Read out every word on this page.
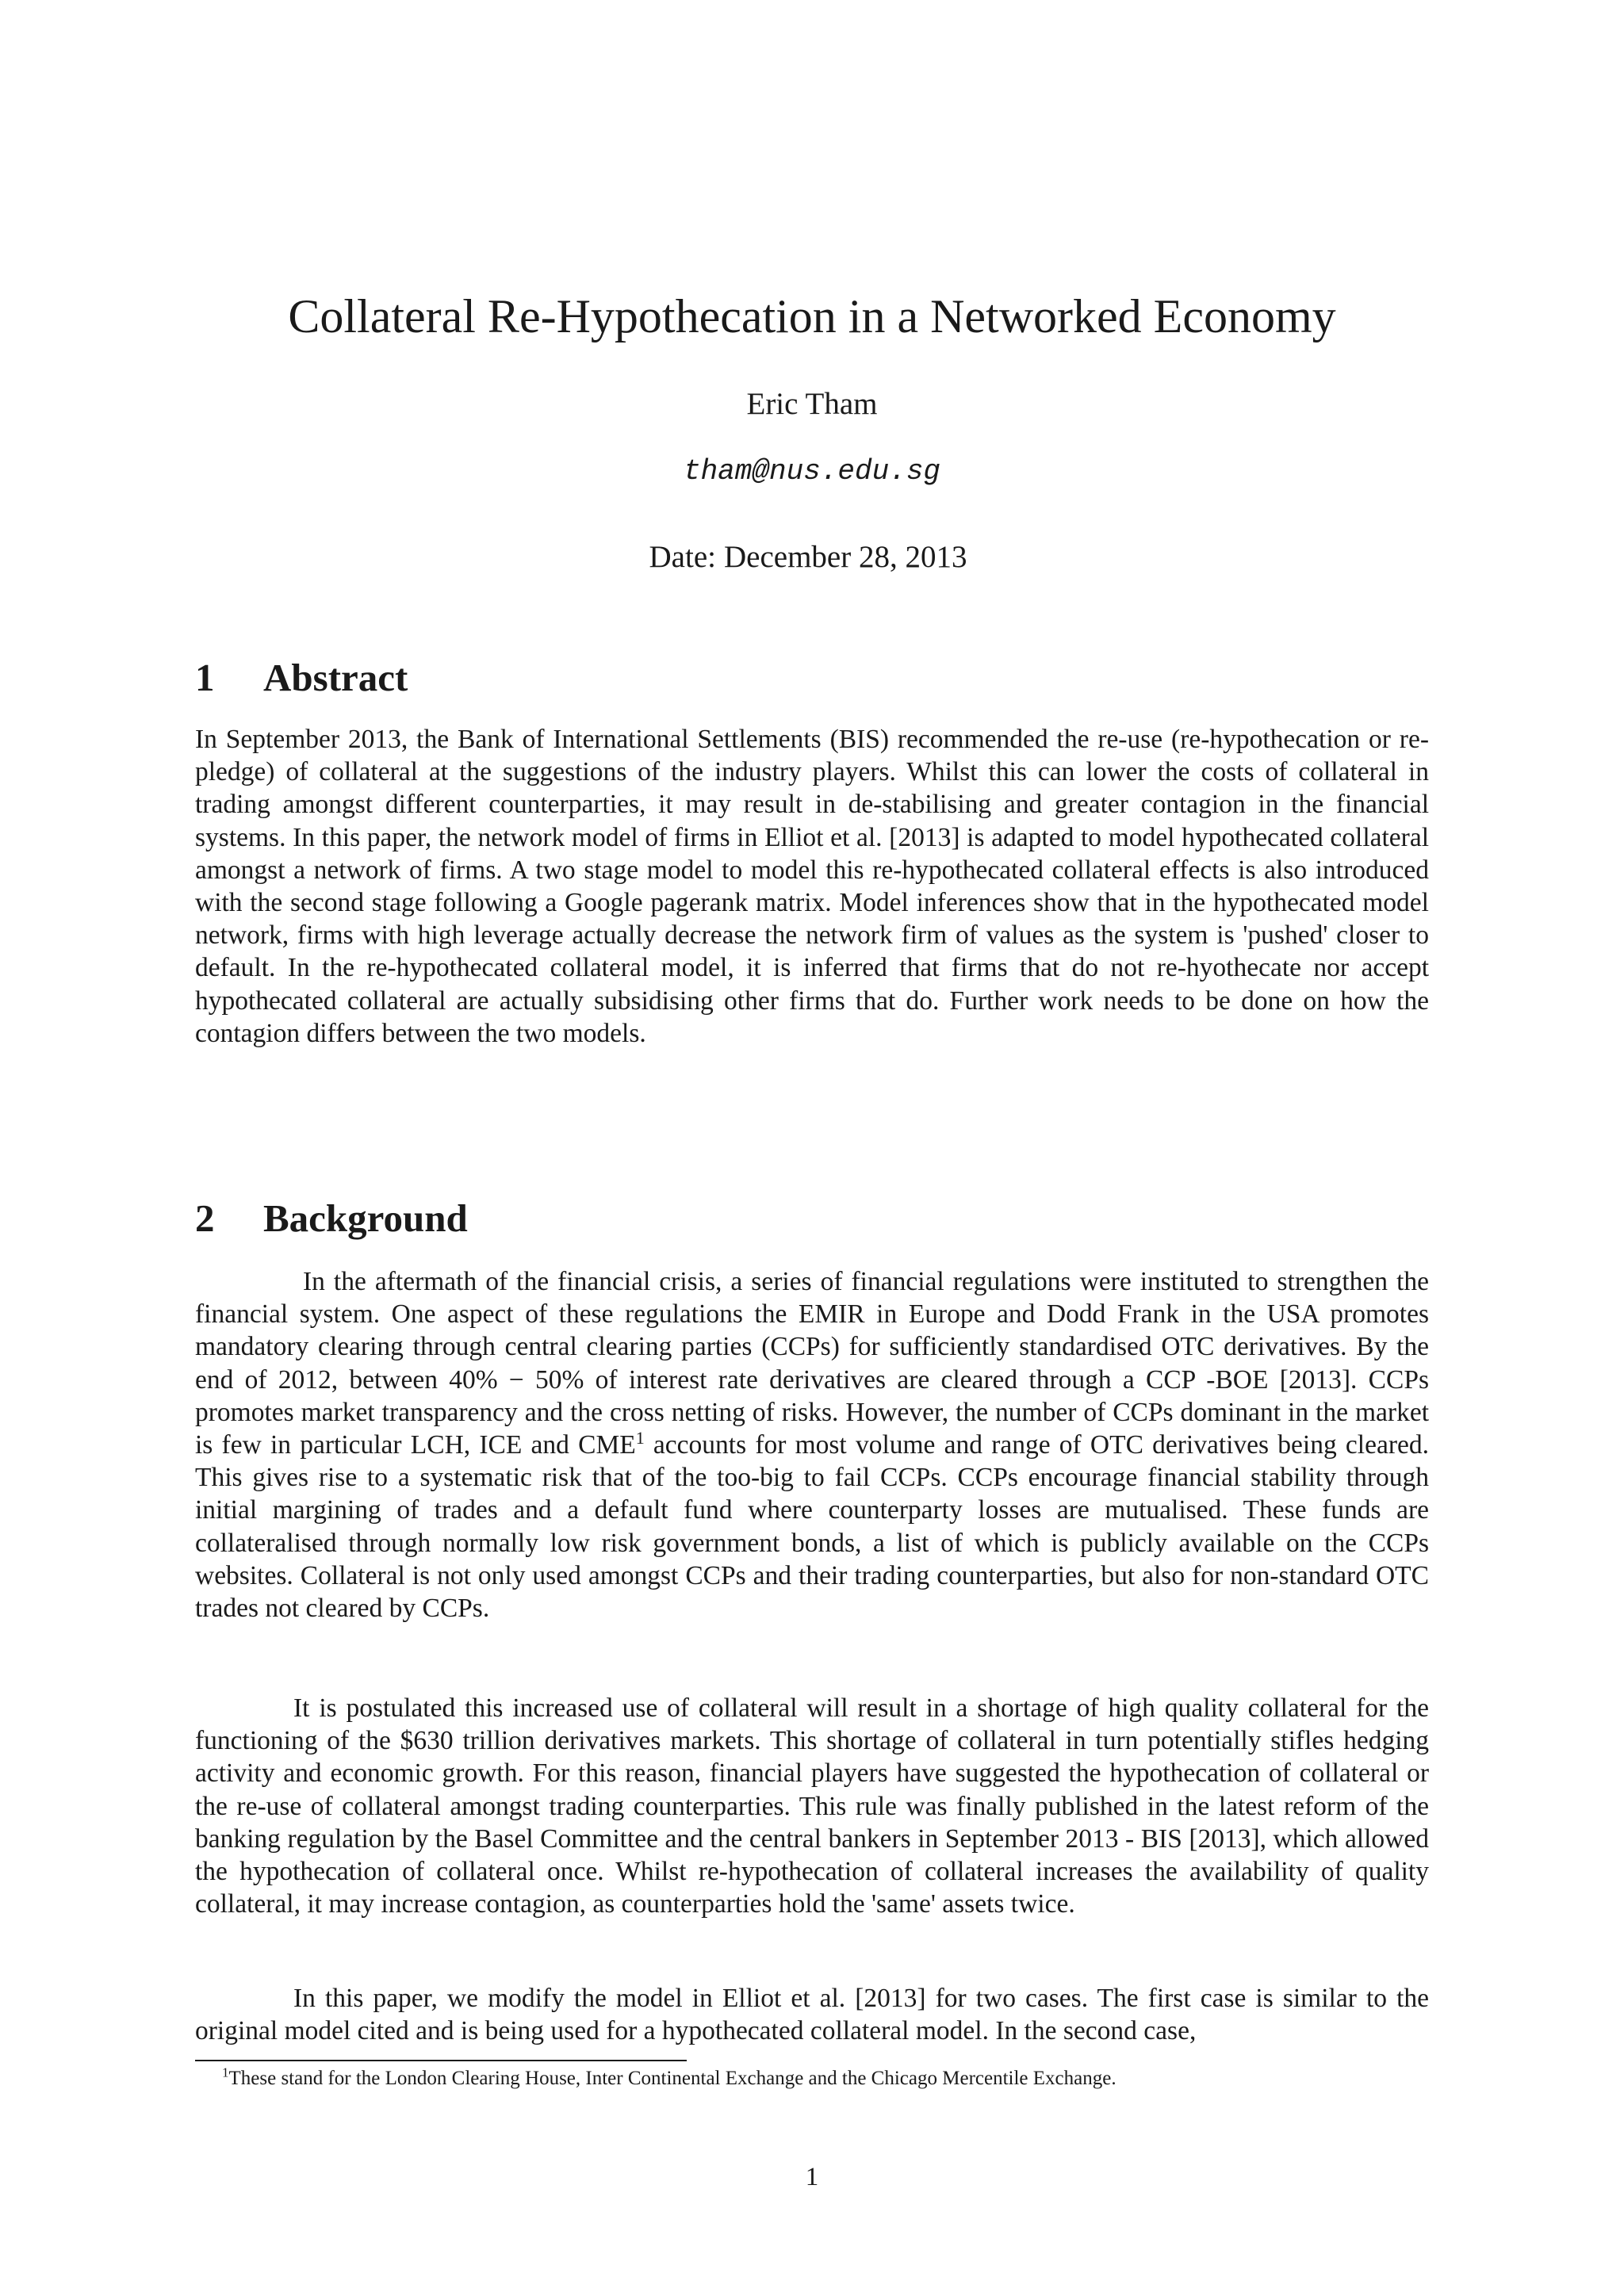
Collateral Re-Hypothecation in a Networked Economy
Eric Tham
tham@nus.edu.sg
Date: December 28, 2013
1 Abstract

In September 2013, the Bank of International Settlements (BIS) recommended the re-use (re-hypothecation or re-pledge) of collateral at the suggestions of the industry players. Whilst this can lower the costs of collateral in trading amongst different counterparties, it may result in de-stabilising and greater contagion in the financial systems. In this paper, the network model of firms in Elliot et al. [2013] is adapted to model hypothecated collateral amongst a network of firms. A two stage model to model this re-hypothecated collateral effects is also introduced with the second stage following a Google pagerank matrix. Model inferences show that in the hypothecated model network, firms with high leverage actually decrease the network firm of values as the system is 'pushed' closer to default. In the re-hypothecated collateral model, it is inferred that firms that do not re-hyothecate nor accept hypothecated collateral are actually subsidising other firms that do. Further work needs to be done on how the contagion differs between the two models.

2 Background

In the aftermath of the financial crisis, a series of financial regulations were instituted to strengthen the financial system. One aspect of these regulations the EMIR in Europe and Dodd Frank in the USA promotes mandatory clearing through central clearing parties (CCPs) for sufficiently standardised OTC derivatives. By the end of 2012, between 40% − 50% of interest rate derivatives are cleared through a CCP -BOE [2013]. CCPs promotes market transparency and the cross netting of risks. However, the number of CCPs dominant in the market is few in particular LCH, ICE and CME$^1$ accounts for most volume and range of OTC derivatives being cleared. This gives rise to a systematic risk that of the too-big to fail CCPs. CCPs encourage financial stability through initial margining of trades and a default fund where counterparty losses are mutualised. These funds are collateralised through normally low risk government bonds, a list of which is publicly available on the CCPs websites. Collateral is not only used amongst CCPs and their trading counterparties, but also for non-standard OTC trades not cleared by CCPs.

It is postulated this increased use of collateral will result in a shortage of high quality collateral for the functioning of the $630 trillion derivatives markets. This shortage of collateral in turn potentially stifles hedging activity and economic growth. For this reason, financial players have suggested the hypothecation of collateral or the re-use of collateral amongst trading counterparties. This rule was finally published in the latest reform of the banking regulation by the Basel Committee and the central bankers in September 2013 - BIS [2013], which allowed the hypothecation of collateral once. Whilst re-hypothecation of collateral increases the availability of quality collateral, it may increase contagion, as counterparties hold the 'same' assets twice.

In this paper, we modify the model in Elliot et al. [2013] for two cases. The first case is similar to the original model cited and is being used for a hypothecated collateral model. In the second case,

$^1$These stand for the London Clearing House, Inter Continental Exchange and the Chicago Mercentile Exchange.
1
